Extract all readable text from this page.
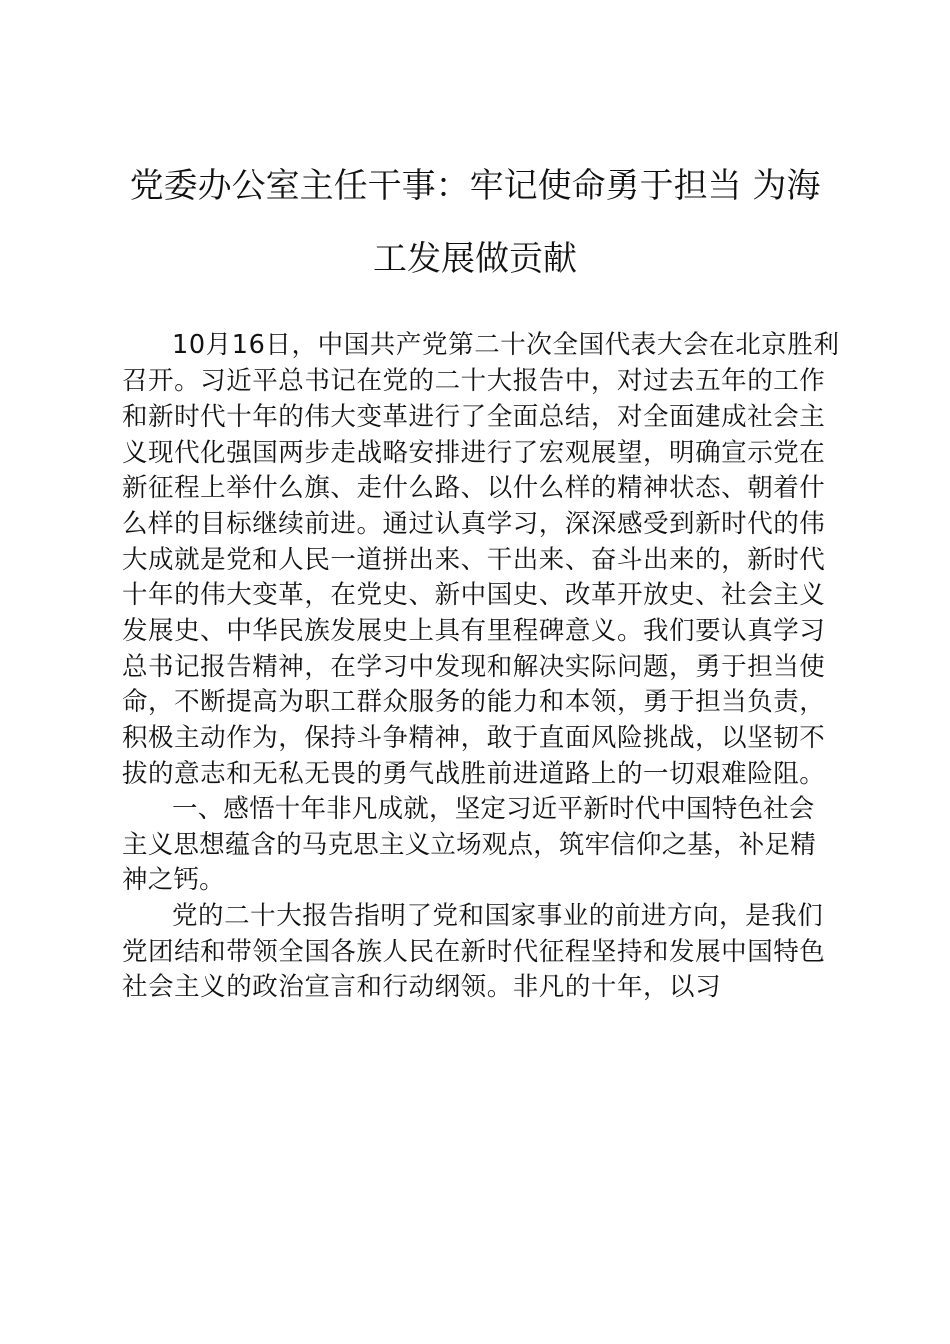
党委办公室主任干事：牢记使命勇于担当 为海
工发展做贡献
10月16日，中国共产党第二十次全国代表大会在北京胜利
召开。习近平总书记在党的二十大报告中，对过去五年的工作
和新时代十年的伟大变革进行了全面总结，对全面建成社会主
义现代化强国两步走战略安排进行了宏观展望，明确宣示党在
新征程上举什么旗、走什么路、以什么样的精神状态、朝着什
么样的目标继续前进。通过认真学习，深深感受到新时代的伟
大成就是党和人民一道拼出来、干出来、奋斗出来的，新时代
十年的伟大变革，在党史、新中国史、改革开放史、社会主义
发展史、中华民族发展史上具有里程碑意义。我们要认真学习
总书记报告精神，在学习中发现和解决实际问题，勇于担当使
命，不断提高为职工群众服务的能力和本领，勇于担当负责，
积极主动作为，保持斗争精神，敢于直面风险挑战，以坚韧不
拔的意志和无私无畏的勇气战胜前进道路上的一切艰难险阻。
一、感悟十年非凡成就，坚定习近平新时代中国特色社会
主义思想蕴含的马克思主义立场观点，筑牢信仰之基，补足精
神之钙。
党的二十大报告指明了党和国家事业的前进方向，是我们
党团结和带领全国各族人民在新时代征程坚持和发展中国特色
社会主义的政治宣言和行动纲领。非凡的十年，以习
